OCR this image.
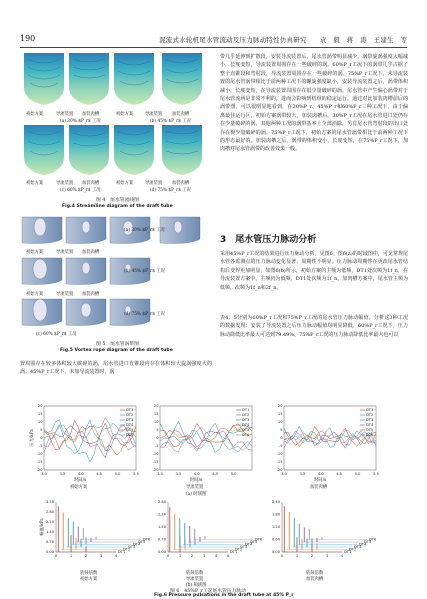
190	混流式水轮机尾水管流动及压力脉动特性仿真研究　　袁　毅　蒋　涛　王建生　等
初始方案	导流装置 加装肉槽	初始方案	导流装置 加装肉槽
(a) 30% $P_r$ 工况	(b) 45% $P_r$ 工况
初始方案	导流装置 加装肉槽	初始方案	导流装置 加装肉槽
(c) 60% $P_r$ 工况	(d) 75% $P_r$ 工况
图 4　尾水管流线图
Fig.4 Streamline diagram of the draft tube
初始方案	导流装置 加装肉槽
(a) 30% $P_r$ 工况
初始方案	导流装置 加装肉槽
(b) 45% $P_r$ 工况
(c) 60% $P_r$ 工况
(d) 75% $P_r$ 工况
图 5　尾水管涡带图
Fig.5 Vortex rope diagram of the draft tube
置周围存在较多体积较大碳碎的涡，尾水管进口直锥段内存在体积较大旋涡强度大的涡。45%P_r工况下，未加导流装置时，涡
带几乎延伸到扩散段，安装导流装置后，尾水管涡带明显减少，涡带旋涡强度大幅减小，长度变短，导流装置周围存在一些破碎的涡。60%P_r工况下的涡带几乎占据了整个直锥段和弯肘段，导流装置周围存在一些破碎的涡。75%P_r工况下，未导流装置的尾水管涡带相比于前两种工况下的螺旋强度缺小，安装导流装置之后，涡带体积减小，长度变短，在导流装置周围存在很少量破碎的涡。尾水管中产生偏心涡带对于尾水管流场是非常不利的，进而会影响到机组的稳定运行。通过对比加装肉槽前后的涡带图，可以很明显地看到，在30%P_r、45%P_r和60%P_r三种工况下，由于偏离最佳运行区，初始方案涡带较大。加装肉槽后，30%P_r工况在尾水管进口处仍存在少量破碎的涡，其他两种工况的涡带基本上全部消除，另有尾水管弯肘段的出口处存在极少量破碎的涡。75%P_r工况下，初始方案的尾水管涡带相比于前两种工况下的形态最好的。加装肉槽之后，涡带的体积变小，长度变短，在75%P_r工况下，加肉槽对尾水管涡带的改善效果一般。
3　尾水管压力脉动分析
采用45%P_r工况的结果进行压力脉动分析，见图6。图6(a)的时域图中，可见常规尾水管各监测点的压力脉动变化显著，周期性不明显。压力脉动周期性在更改尾水管结构后变得更加明显，如图6(b)所示，初始方案的主频为低频，DT1处次频为1f_n，在导流装置方案中，主频仍为低频，DT1处次频为1f_n，加肉槽方案中，尾水管主频为低频，次频为1f_n和2f_n。
表4、5分别为60%P_r工况和75%P_r工况的尾水管压力脉动幅值。分析这3种工况的数据发现：安装了导流装置之后压力脉动幅值均明显降低，60%P_r工况下，压力脉动降低比率最大可达到79.49%，75%P_r工况的压力脉动降低比率最大也可以
20
15
10
5
0
-5
-10
-15
-20
3.0	3.5	4.0	4.5	5.0	5.5
压力/kPa
DT1
DT2
DT3
DT4
DT5
DT6
20
15
10
5
0
-5
-10
-15
-20
3.0	3.5	4.0	4.5	5.0
DT1
DT2
DT3
DT4
DT5
DT6
20
15
10
5
0
-5
-10
-15
-20
3.0	3.5	4.0	4.5	5.0	5.5
DT1
DT2
DT3
DT4
DT5
DT6
时间/s	时间/s	时间/s
初始方案	导流装置	加装肉槽
(a) 时域图
3.50
2.80
2.10
1.40
0.70
0.00
0	1	2	3	4
幅值/kPa
DT1
DT2
DT3
DT4
DT5
DT6
2.80
2.10
1.40
0.70
0.00
0	1	2	3	4	5
DT1
DT2
DT3
DT4
DT5
DT6
2.40
1.80
1.20
0.60
0.00
0	1	2	3	4
DT1
DT2
DT3
DT4
DT5
DT6
转频倍数	转频倍数	转频倍数
初始方案	导流装置	加装肉槽
(b) 频域图
图 6　45%P_r工况尾水管压力脉动
Fig.6 Pressure pulsations in the draft tube at 45% P_r
